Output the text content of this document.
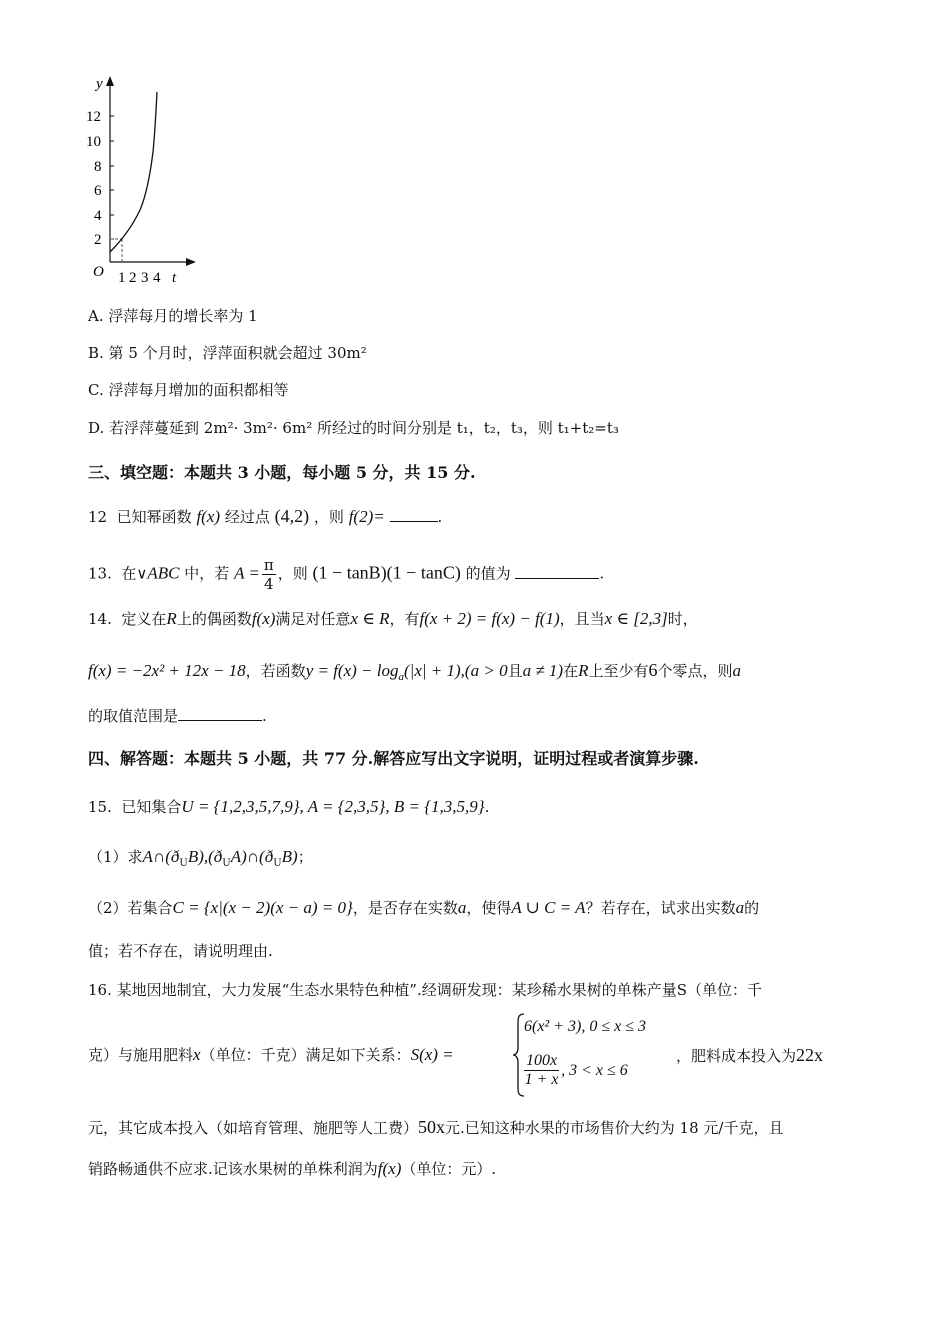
y
12
10
8
6
4
2
O 1 2 3 4 t
A. 浮萍每月的增长率为 1
B. 第 5 个月时，浮萍面积就会超过 30m²
C. 浮萍每月增加的面积都相等
D. 若浮萍蔓延到 2m²· 3m²· 6m² 所经过的时间分别是 t₁，t₂，t₃，则 t₁+t₂=t₃
三、填空题：本题共 3 小题，每小题 5 分，共 15 分.
12 已知幂函数 f(x) 经过点 (4,2) ，则 f(2)=	.
13. 在∨ABC 中，若 $A = \frac{\pi}{4}$ ，则 (1 − tanB)(1 − tanC) 的值为	.
14. 定义在R上的偶函数f(x)满足对任意x ∈ R，有f(x + 2) = f(x) − f(1)，且当x ∈ [2,3]时，
f(x) = −2x² + 12x − 18，若函数$y = f(x) - \log_a(|x| + 1),(a > 0$且a ≠ 1)在R上至少有6个零点，则a
的取值范围是	.
四、解答题：本题共 5 小题，共 77 分.解答应写出文字说明，证明过程或者演算步骤.
15. 已知集合U = {1,2,3,5,7,9}, A = {2,3,5}, B = {1,3,5,9}.
（1）求$A\cap(ð_UB),(ð_UA)\cap(ð_UB)$；
（2）若集合C = {x|(x − 2)(x − a) = 0}，是否存在实数a，使得A ∪ C = A？若存在，试求出实数a的
值；若不存在，请说明理由.
16. 某地因地制宜，大力发展“生态水果特色种植”.经调研发现：某珍稀水果树的单株产量S（单位：千
克）与施用肥料x（单位：千克）满足如下关系：S(x) =
6(x² + 3), 0 ≤ x ≤ 3
$\frac{100x}{1 + x}$ , 3 < x ≤ 6
，肥料成本投入为22x
元，其它成本投入（如培育管理、施肥等人工费）50x元.已知这种水果的市场售价大约为 18 元/千克，且
销路畅通供不应求.记该水果树的单株利润为f(x)（单位：元）.
